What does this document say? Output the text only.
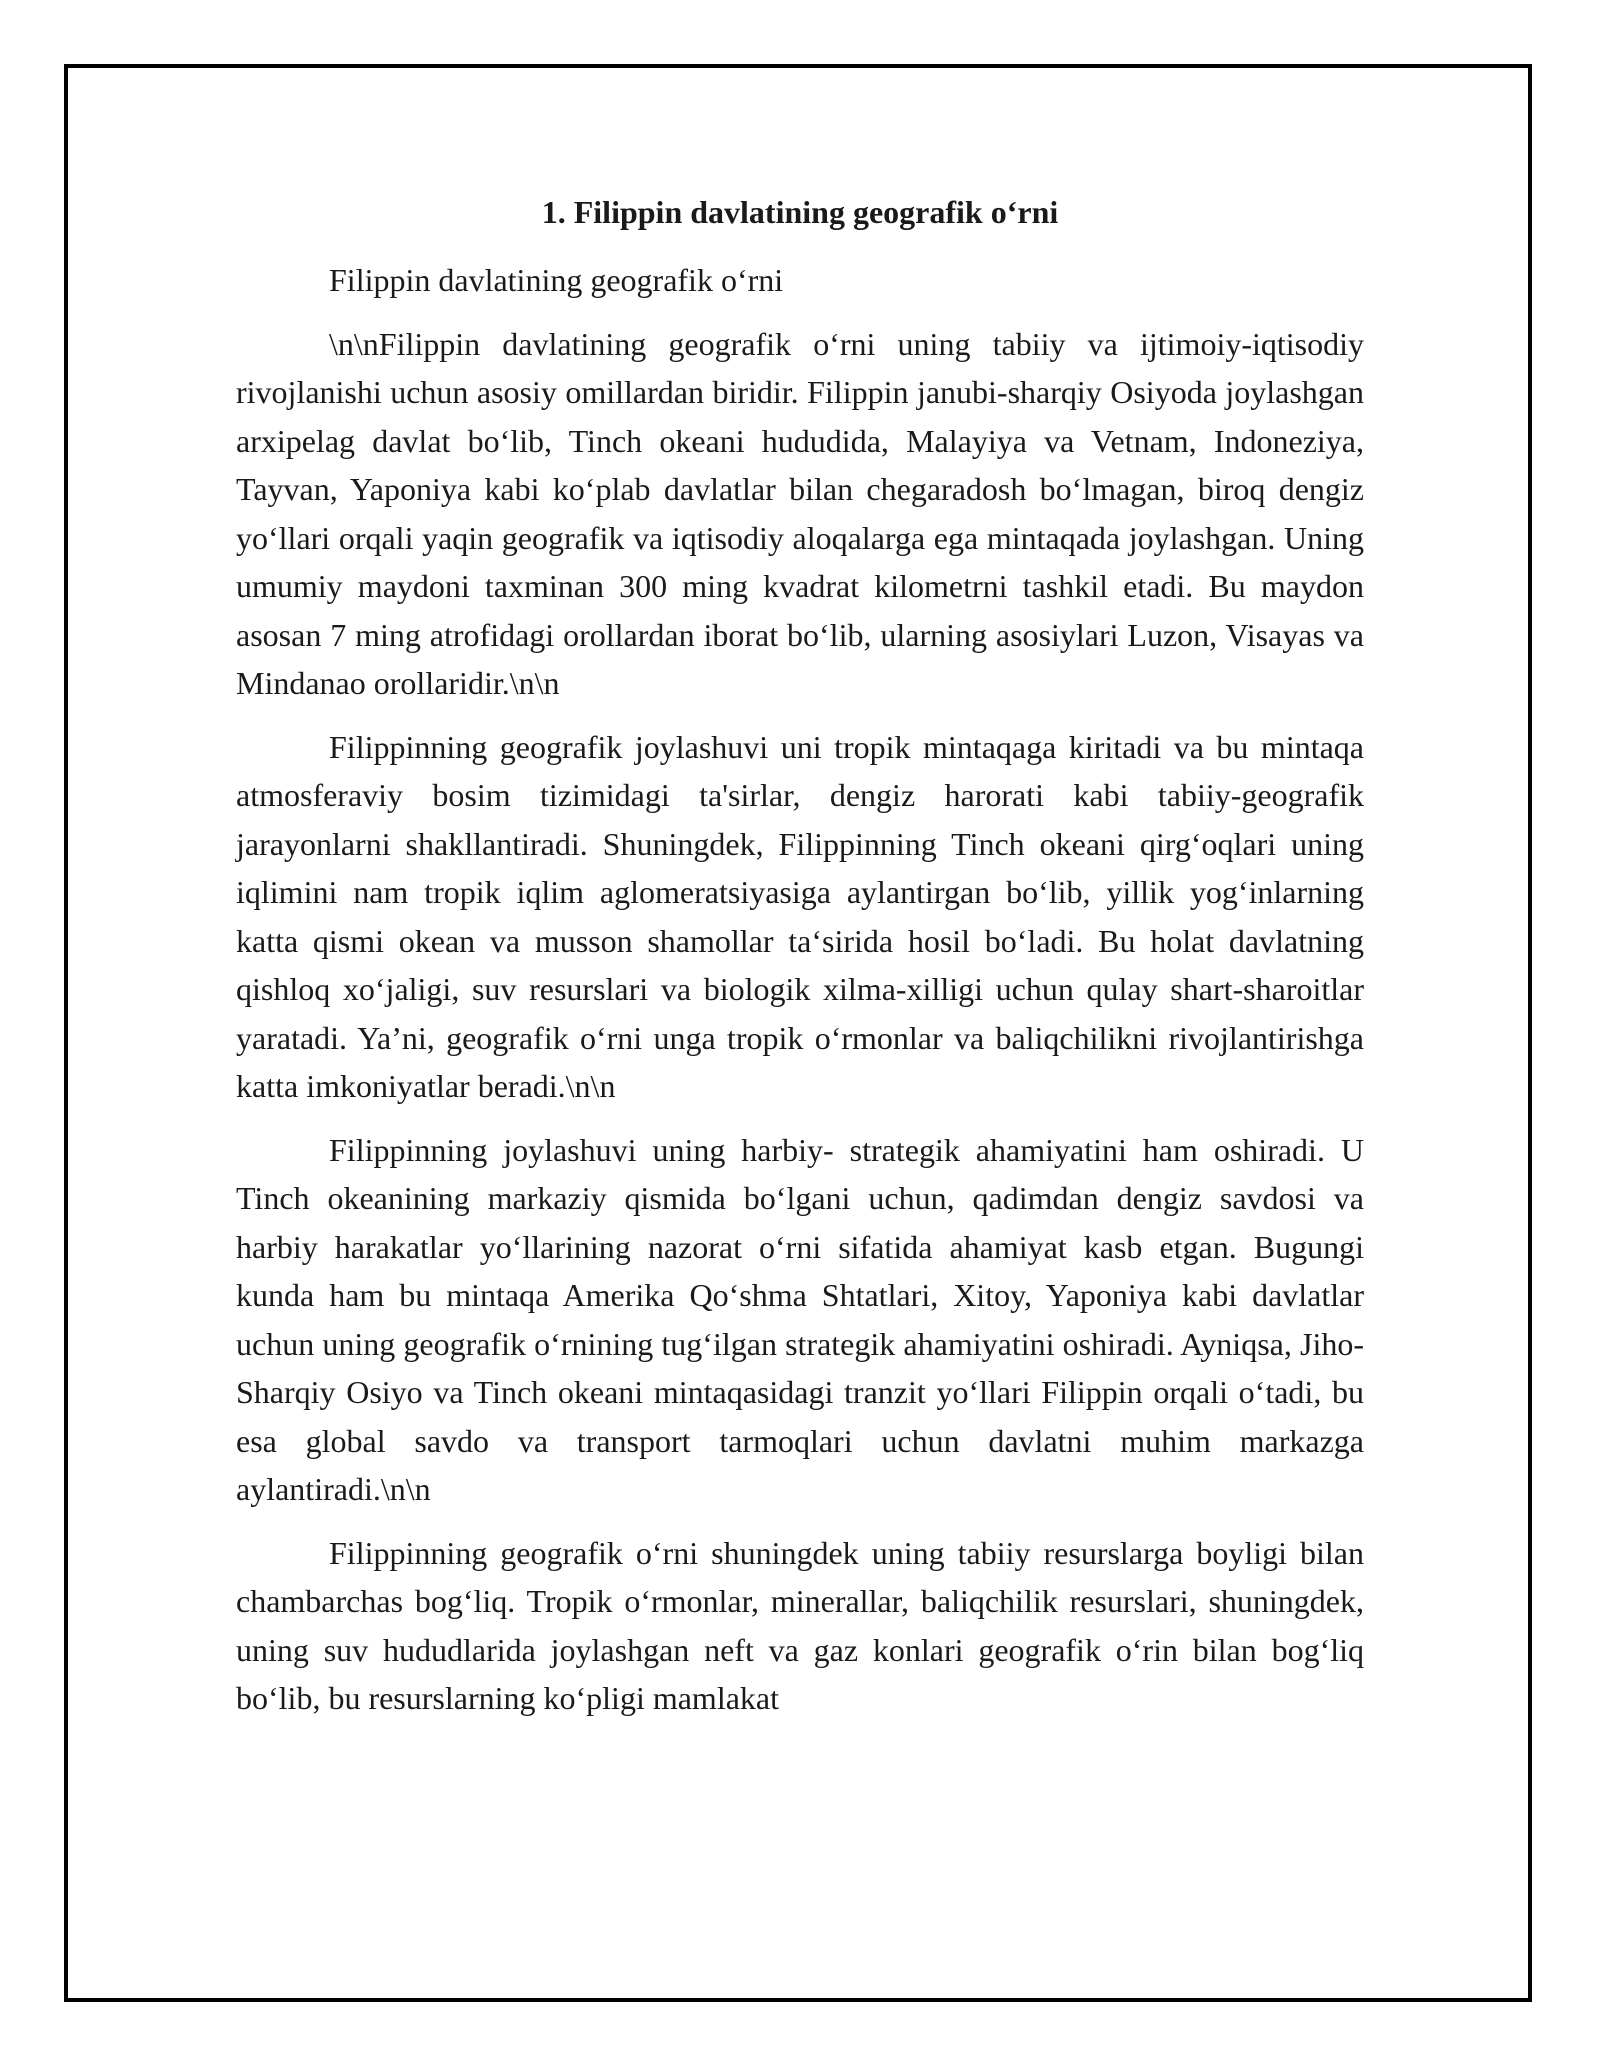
1. Filippin davlatining geografik o‘rni

Filippin davlatining geografik o‘rni

\n\nFilippin davlatining geografik o‘rni uning tabiiy va ijtimoiy-iqtisodiy rivojlanishi uchun asosiy omillardan biridir. Filippin janubi-sharqiy Osiyoda joylashgan arxipelag davlat bo‘lib, Tinch okeani hududida, Malayiya va Vetnam, Indoneziya, Tayvan, Yaponiya kabi ko‘plab davlatlar bilan chegaradosh bo‘lmagan, biroq dengiz yo‘llari orqali yaqin geografik va iqtisodiy aloqalarga ega mintaqada joylashgan. Uning umumiy maydoni taxminan 300 ming kvadrat kilometrni tashkil etadi. Bu maydon asosan 7 ming atrofidagi orollardan iborat bo‘lib, ularning asosiylari Luzon, Visayas va Mindanao orollaridir.\n\n

Filippinning geografik joylashuvi uni tropik mintaqaga kiritadi va bu mintaqa atmosferaviy bosim tizimidagi ta'sirlar, dengiz harorati kabi tabiiy-geografik jarayonlarni shakllantiradi. Shuningdek, Filippinning Tinch okeani qirg‘oqlari uning iqlimini nam tropik iqlim aglomeratsiyasiga aylantirgan bo‘lib, yillik yog‘inlarning katta qismi okean va musson shamollar ta‘sirida hosil bo‘ladi. Bu holat davlatning qishloq xo‘jaligi, suv resurslari va biologik xilma-xilligi uchun qulay shart-sharoitlar yaratadi. Ya’ni, geografik o‘rni unga tropik o‘rmonlar va baliqchilikni rivojlantirishga katta imkoniyatlar beradi.\n\n

Filippinning joylashuvi uning harbiy- strategik ahamiyatini ham oshiradi. U Tinch okeanining markaziy qismida bo‘lgani uchun, qadimdan dengiz savdosi va harbiy harakatlar yo‘llarining nazorat o‘rni sifatida ahamiyat kasb etgan. Bugungi kunda ham bu mintaqa Amerika Qo‘shma Shtatlari, Xitoy, Yaponiya kabi davlatlar uchun uning geografik o‘rnining tug‘ilgan strategik ahamiyatini oshiradi. Ayniqsa, Jiho-Sharqiy Osiyo va Tinch okeani mintaqasidagi tranzit yo‘llari Filippin orqali o‘tadi, bu esa global savdo va transport tarmoqlari uchun davlatni muhim markazga aylantiradi.\n\n

Filippinning geografik o‘rni shuningdek uning tabiiy resurslarga boyligi bilan chambarchas bog‘liq. Tropik o‘rmonlar, minerallar, baliqchilik resurslari, shuningdek, uning suv hududlarida joylashgan neft va gaz konlari geografik o‘rin bilan bog‘liq bo‘lib, bu resurslarning ko‘pligi mamlakat
